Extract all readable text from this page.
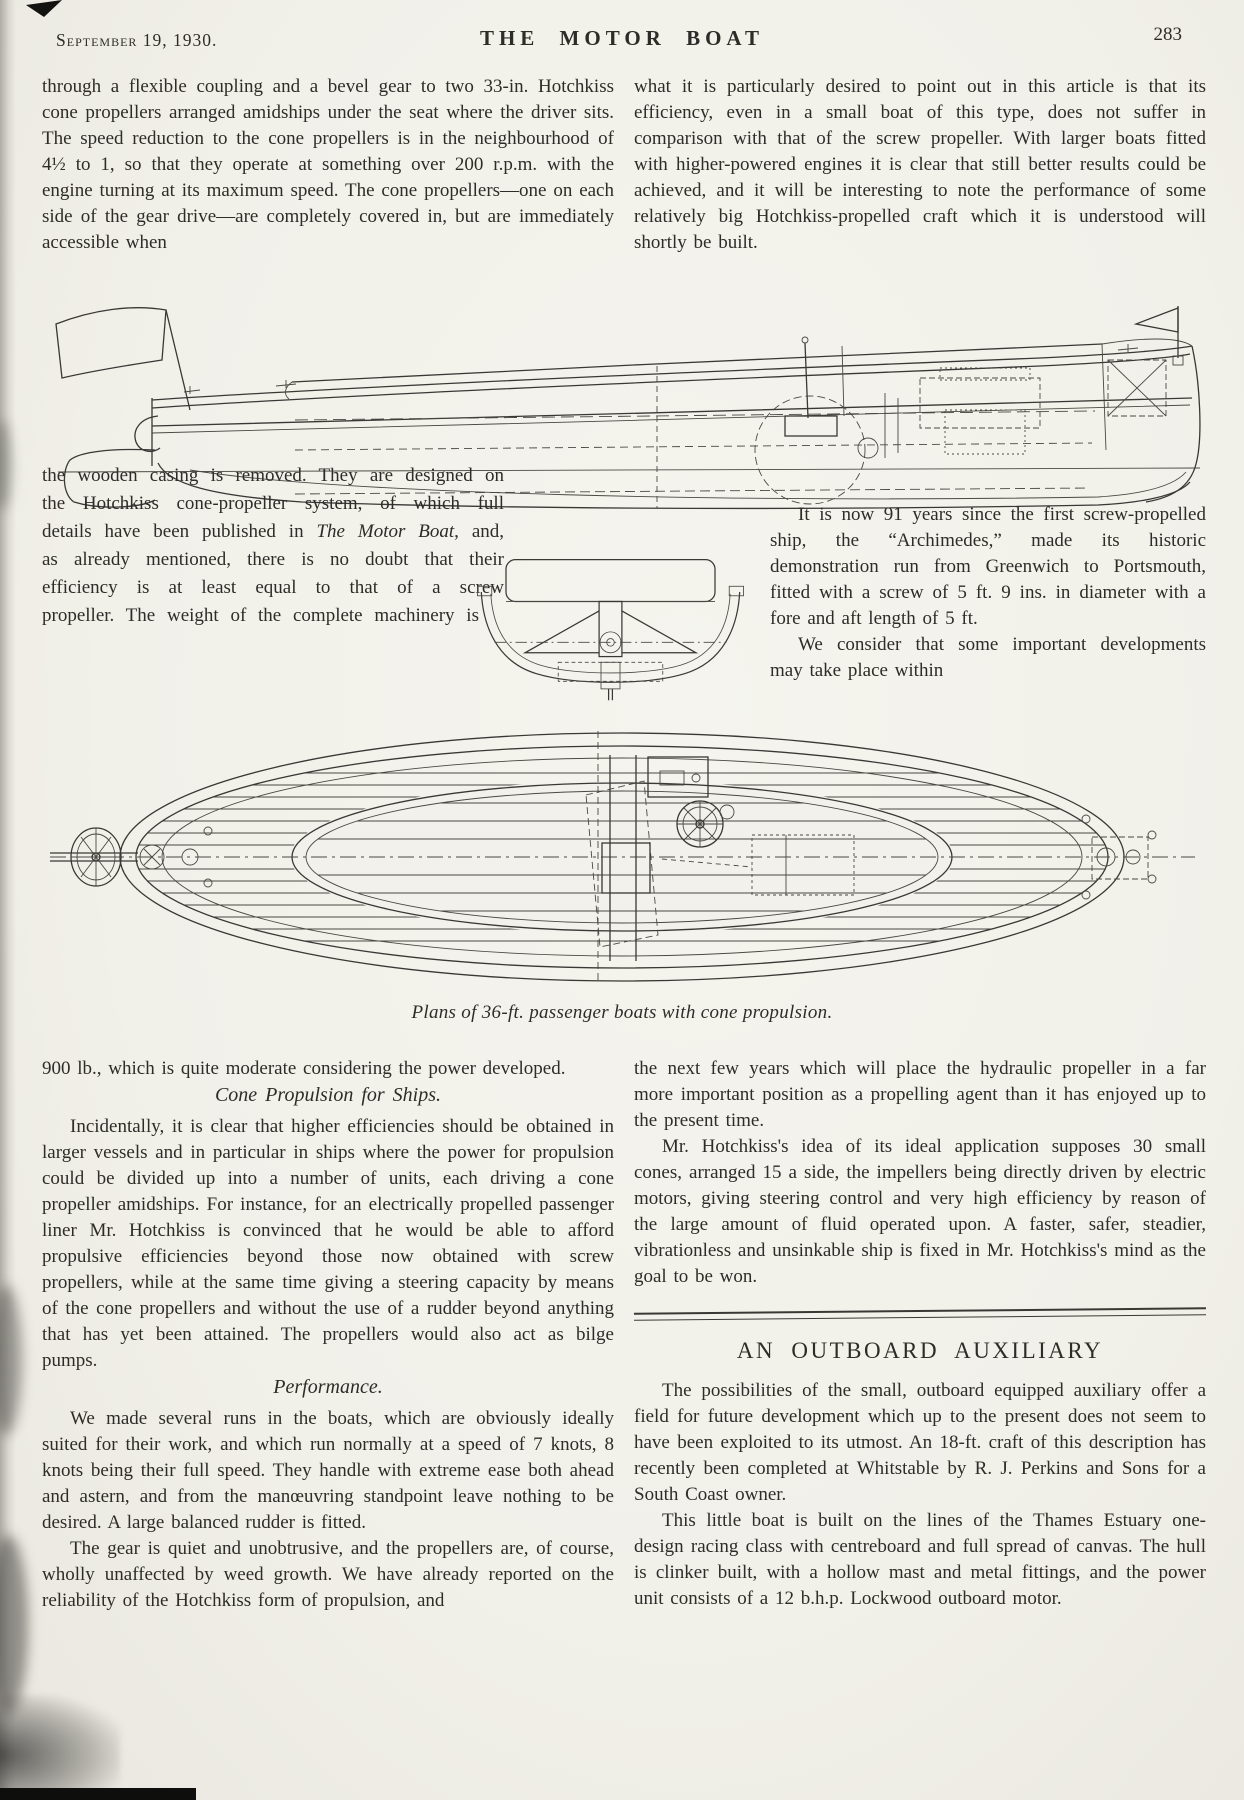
September 19, 1930.	THE MOTOR BOAT	283

through a flexible coupling and a bevel gear to two 33-in. Hotchkiss cone propellers arranged amidships under the seat where the driver sits. The speed reduction to the cone propellers is in the neighbourhood of 4½ to 1, so that they operate at something over 200 r.p.m. with the engine turning at its maximum speed. The cone propellers—one on each side of the gear drive—are completely covered in, but are immediately accessible when

what it is particularly desired to point out in this article is that its efficiency, even in a small boat of this type, does not suffer in comparison with that of the screw propeller. With larger boats fitted with higher-powered engines it is clear that still better results could be achieved, and it will be interesting to note the performance of some relatively big Hotchkiss-propelled craft which it is understood will shortly be built.

the wooden casing is removed. They are designed on the Hotchkiss cone-propeller system, of which full details have been published in The Motor Boat, and, as already mentioned, there is no doubt that their efficiency is at least equal to that of a screw propeller. The weight of the complete machinery is

It is now 91 years since the first screw-propelled ship, the “Archimedes,” made its historic demonstration run from Greenwich to Portsmouth, fitted with a screw of 5 ft. 9 ins. in diameter with a fore and aft length of 5 ft.

We consider that some important developments may take place within

Plans of 36-ft. passenger boats with cone propulsion.

900 lb., which is quite moderate considering the power developed.

Cone Propulsion for Ships.

Incidentally, it is clear that higher efficiencies should be obtained in larger vessels and in particular in ships where the power for propulsion could be divided up into a number of units, each driving a cone propeller amidships. For instance, for an electrically propelled passenger liner Mr. Hotchkiss is convinced that he would be able to afford propulsive efficiencies beyond those now obtained with screw propellers, while at the same time giving a steering capacity by means of the cone propellers and without the use of a rudder beyond anything that has yet been attained. The propellers would also act as bilge pumps.

Performance.

We made several runs in the boats, which are obviously ideally suited for their work, and which run normally at a speed of 7 knots, 8 knots being their full speed. They handle with extreme ease both ahead and astern, and from the manœuvring standpoint leave nothing to be desired. A large balanced rudder is fitted.

The gear is quiet and unobtrusive, and the propellers are, of course, wholly unaffected by weed growth. We have already reported on the reliability of the Hotchkiss form of propulsion, and

the next few years which will place the hydraulic propeller in a far more important position as a propelling agent than it has enjoyed up to the present time.

Mr. Hotchkiss's idea of its ideal application supposes 30 small cones, arranged 15 a side, the impellers being directly driven by electric motors, giving steering control and very high efficiency by reason of the large amount of fluid operated upon. A faster, safer, steadier, vibrationless and unsinkable ship is fixed in Mr. Hotchkiss's mind as the goal to be won.

AN OUTBOARD AUXILIARY

The possibilities of the small, outboard equipped auxiliary offer a field for future development which up to the present does not seem to have been exploited to its utmost. An 18-ft. craft of this description has recently been completed at Whitstable by R. J. Perkins and Sons for a South Coast owner.

This little boat is built on the lines of the Thames Estuary one-design racing class with centreboard and full spread of canvas. The hull is clinker built, with a hollow mast and metal fittings, and the power unit consists of a 12 b.h.p. Lockwood outboard motor.
